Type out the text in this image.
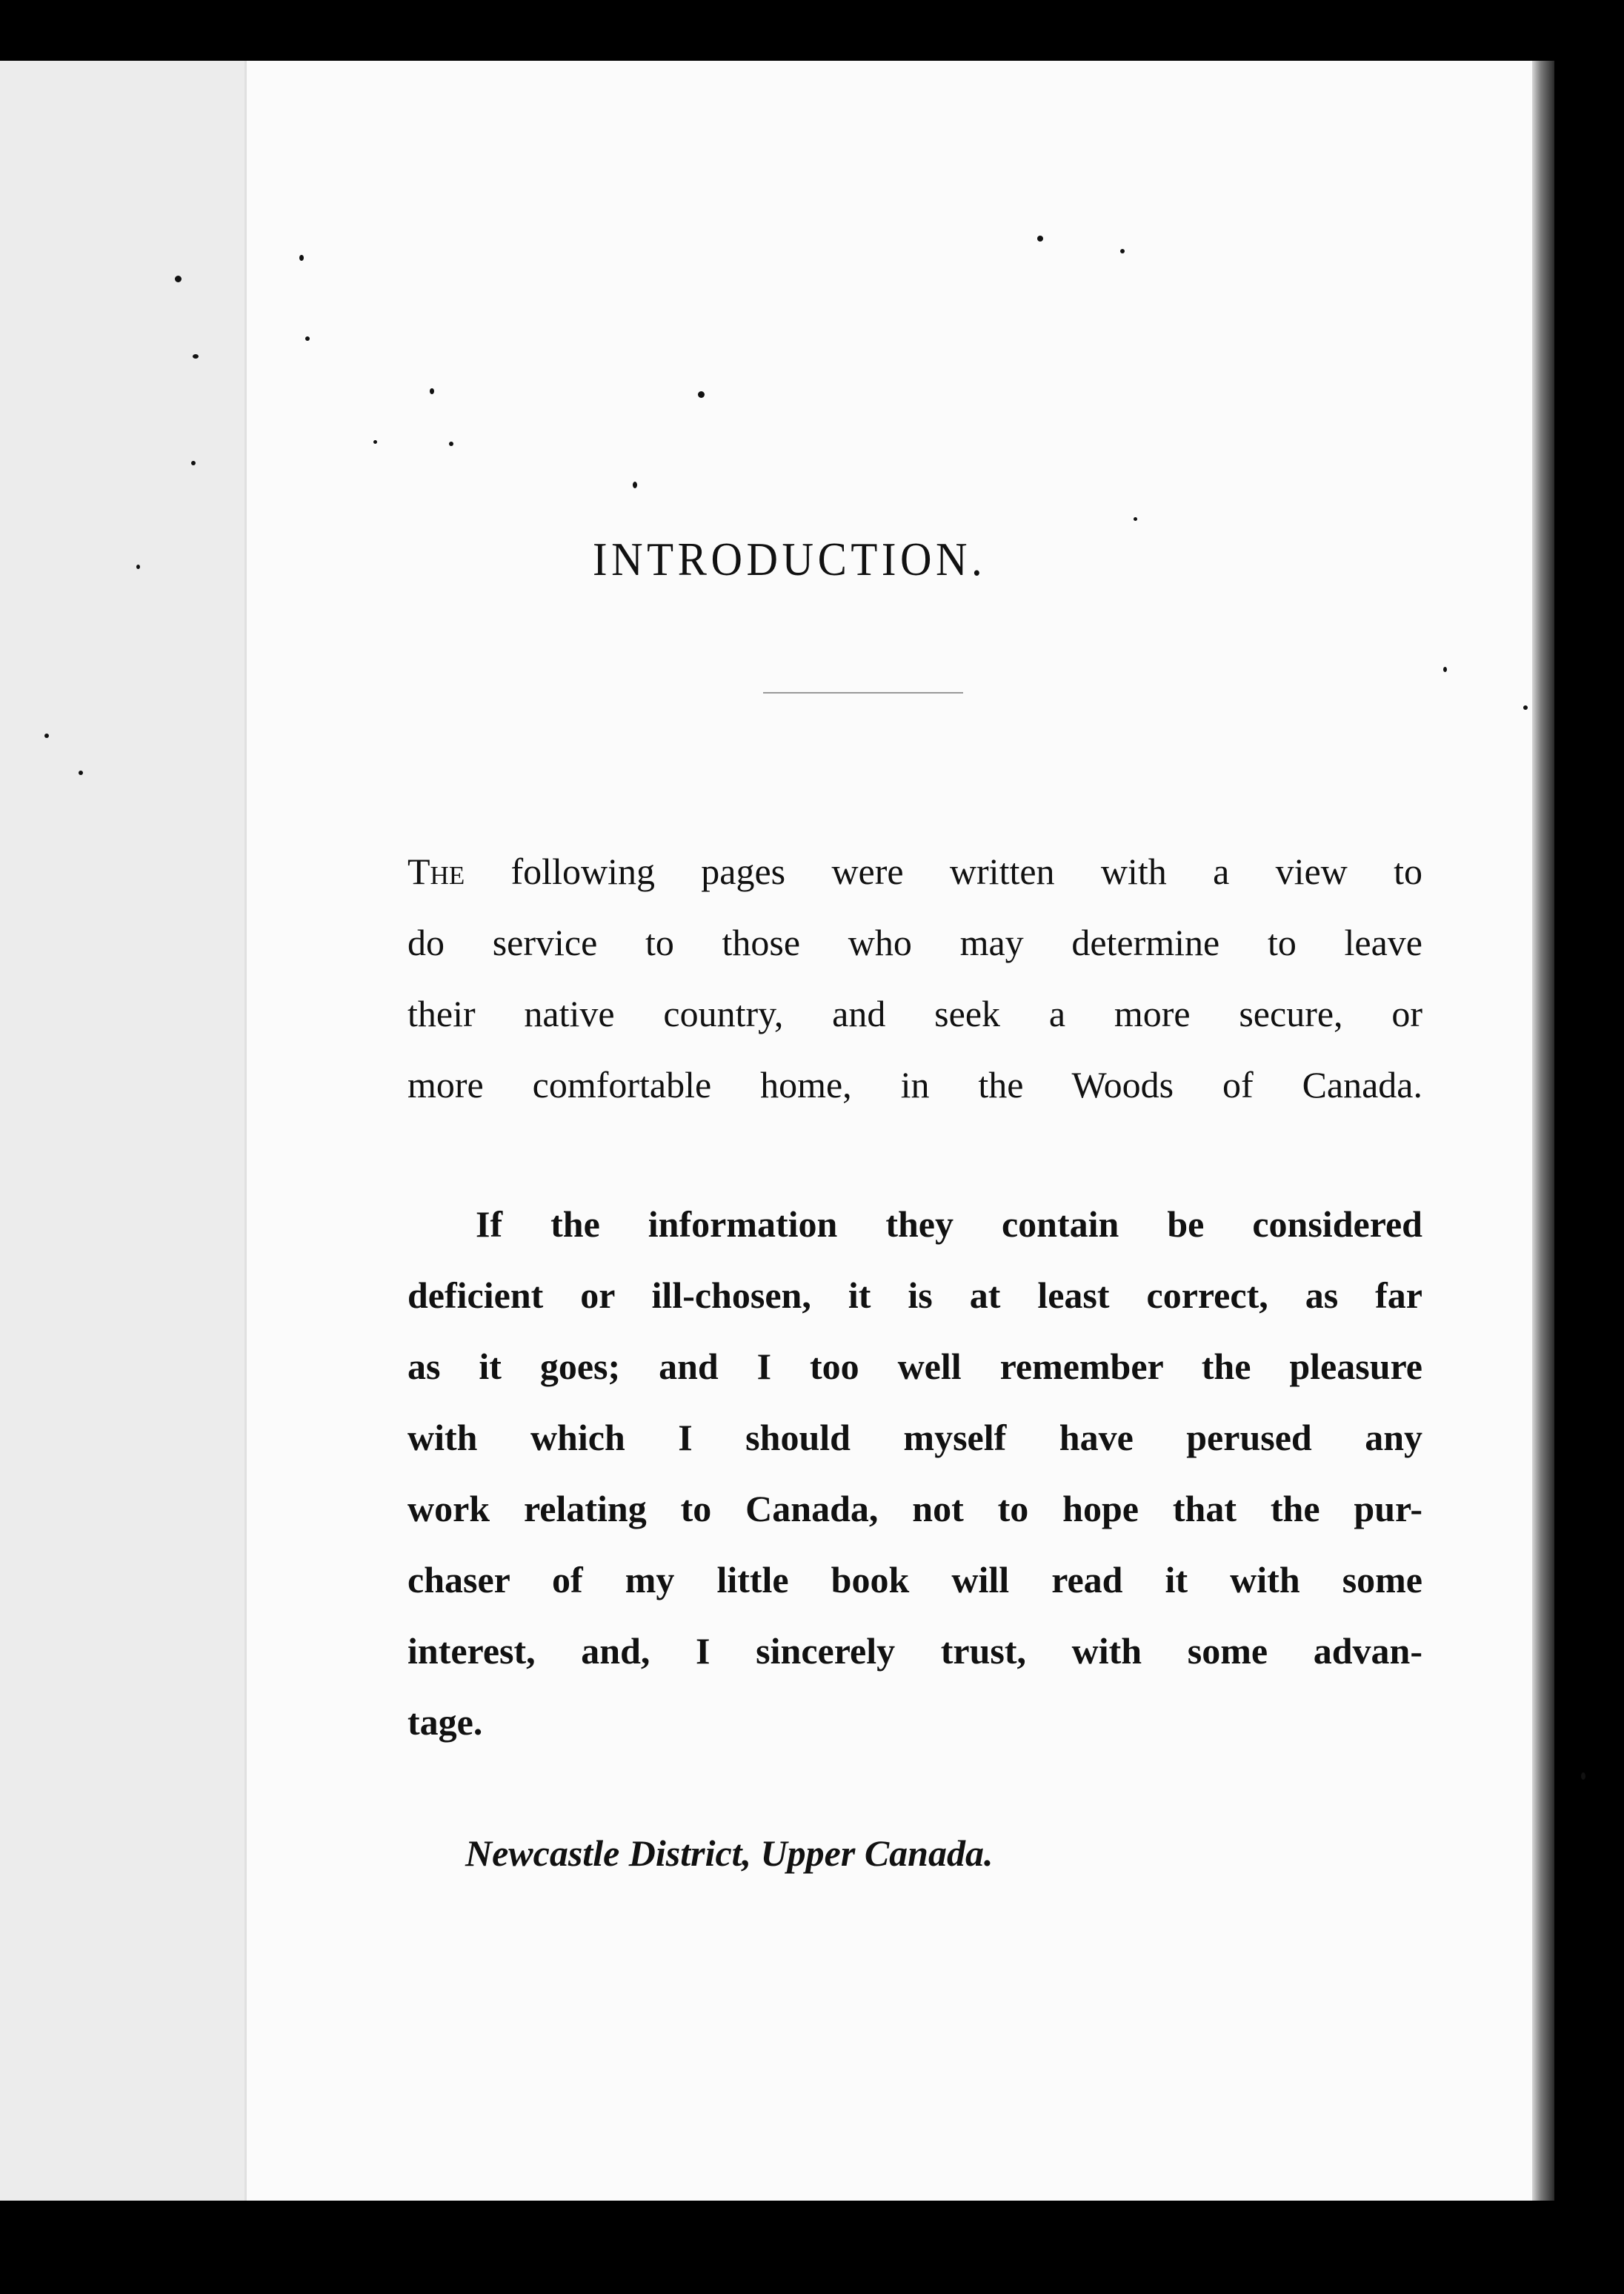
INTRODUCTION.
The following pages were written with a view to
do service to those who may determine to leave
their native country, and seek a more secure, or
more comfortable home, in the Woods of Canada.
If the information they contain be considered
deficient or ill-chosen, it is at least correct, as far
as it goes; and I too well remember the pleasure
with which I should myself have perused any
work relating to Canada, not to hope that the pur-
chaser of my little book will read it with some
interest, and, I sincerely trust, with some advan-
tage.
Newcastle District, Upper Canada.
